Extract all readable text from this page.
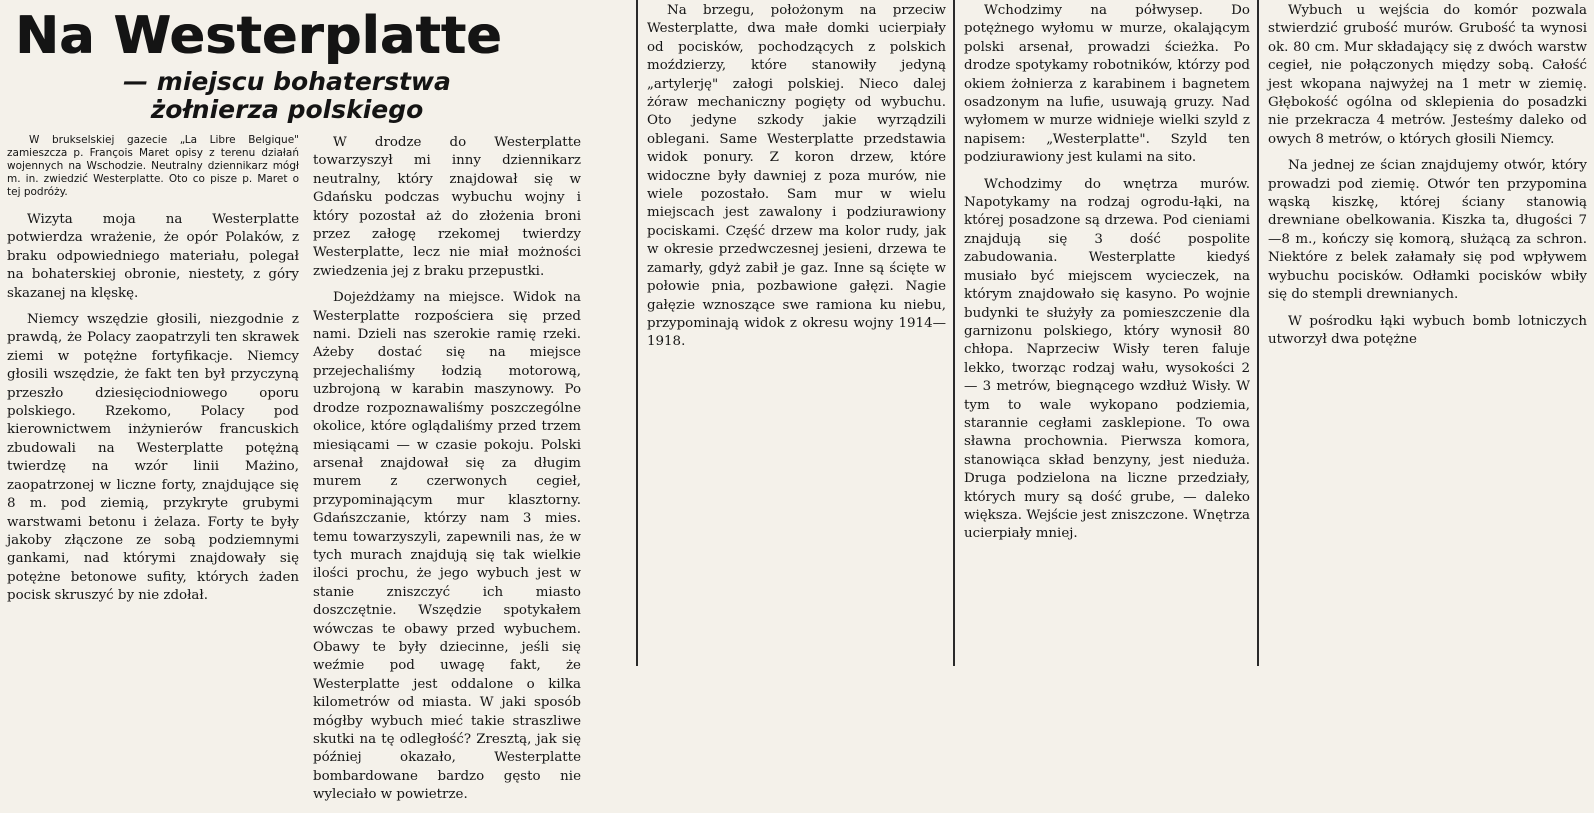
Na Westerplatte
— miejscu bohaterstwa
żołnierza polskiego
W brukselskiej gazecie „La Libre Belgique" zamieszcza p. François Maret opisy z terenu działań wojennych na Wschodzie. Neutralny dziennikarz mógł m. in. zwiedzić Westerplatte. Oto co pisze p. Maret o tej podróży.

Wizyta moja na Westerplatte potwierdza wrażenie, że opór Polaków, z braku odpowiedniego materiału, polegał na bohaterskiej obronie, niestety, z góry skazanej na klęskę.

Niemcy wszędzie głosili, niezgodnie z prawdą, że Polacy zaopatrzyli ten skrawek ziemi w potężne fortyfikacje. Niemcy głosili wszędzie, że fakt ten był przyczyną przeszło dziesięciodniowego oporu polskiego. Rzekomo, Polacy pod kierownictwem inżynierów francuskich zbudowali na Westerplatte potężną twierdzę na wzór linii Mażino, zaopatrzonej w liczne forty, znajdujące się 8 m. pod ziemią, przykryte grubymi warstwami betonu i żelaza. Forty te były jakoby złączone ze sobą podziemnymi gankami, nad którymi znajdowały się potężne betonowe sufity, których żaden pocisk skruszyć by nie zdołał.

W drodze do Westerplatte towarzyszył mi inny dziennikarz neutralny, który znajdował się w Gdańsku podczas wybuchu wojny i który pozostał aż do złożenia broni przez załogę rzekomej twierdzy Westerplatte, lecz nie miał możności zwiedzenia jej z braku przepustki.

Dojeżdżamy na miejsce. Widok na Westerplatte rozpościera się przed nami. Dzieli nas szerokie ramię rzeki. Ażeby dostać się na miejsce przejechaliśmy łodzią motorową, uzbrojoną w karabin maszynowy. Po drodze rozpoznawaliśmy poszczególne okolice, które oglądaliśmy przed trzem miesiącami — w czasie pokoju. Polski arsenał znajdował się za długim murem z czerwonych cegieł, przypominającym mur klasztorny. Gdańszczanie, którzy nam 3 mies. temu towarzyszyli, zapewnili nas, że w tych murach znajdują się tak wielkie ilości prochu, że jego wybuch jest w stanie zniszczyć ich miasto doszczętnie. Wszędzie spotykałem wówczas te obawy przed wybuchem. Obawy te były dziecinne, jeśli się weźmie pod uwagę fakt, że Westerplatte jest oddalone o kilka kilometrów od miasta. W jaki sposób mógłby wybuch mieć takie straszliwe skutki na tę odległość? Zresztą, jak się później okazało, Westerplatte bombardowane bardzo gęsto nie wyleciało w powietrze.

Na brzegu, położonym na przeciw Westerplatte, dwa małe domki ucierpiały od pocisków, pochodzących z polskich moździerzy, które stanowiły jedyną „artylerję" załogi polskiej. Nieco dalej żóraw mechaniczny pogięty od wybuchu. Oto jedyne szkody jakie wyrządzili oblegani. Same Westerplatte przedstawia widok ponury. Z koron drzew, które widoczne były dawniej z poza murów, nie wiele pozostało. Sam mur w wielu miejscach jest zawalony i podziurawiony pociskami. Część drzew ma kolor rudy, jak w okresie przedwczesnej jesieni, drzewa te zamarły, gdyż zabił je gaz. Inne są ścięte w połowie pnia, pozbawione gałęzi. Nagie gałęzie wznoszące swe ramiona ku niebu, przypominają widok z okresu wojny 1914—1918.

Wchodzimy na półwysep. Do potężnego wyłomu w murze, okalającym polski arsenał, prowadzi ścieżka. Po drodze spotykamy robotników, którzy pod okiem żołnierza z karabinem i bagnetem osadzonym na lufie, usuwają gruzy. Nad wyłomem w murze widnieje wielki szyld z napisem: „Westerplatte". Szyld ten podziurawiony jest kulami na sito.

Wchodzimy do wnętrza murów. Napotykamy na rodzaj ogrodu-łąki, na której posadzone są drzewa. Pod cieniami znajdują się 3 dość pospolite zabudowania. Westerplatte kiedyś musiało być miejscem wycieczek, na którym znajdowało się kasyno. Po wojnie budynki te służyły za pomieszczenie dla garnizonu polskiego, który wynosił 80 chłopa. Naprzeciw Wisły teren faluje lekko, tworząc rodzaj wału, wysokości 2 — 3 metrów, biegnącego wzdłuż Wisły. W tym to wale wykopano podziemia, starannie cegłami zasklepione. To owa sławna prochownia. Pierwsza komora, stanowiąca skład benzyny, jest nieduża. Druga podzielona na liczne przedziały, których mury są dość grube, — daleko większa. Wejście jest zniszczone. Wnętrza ucierpiały mniej.

Wybuch u wejścia do komór pozwala stwierdzić grubość murów. Grubość ta wynosi ok. 80 cm. Mur składający się z dwóch warstw cegieł, nie połączonych między sobą. Całość jest wkopana najwyżej na 1 metr w ziemię. Głębokość ogólna od sklepienia do posadzki nie przekracza 4 metrów. Jesteśmy daleko od owych 8 metrów, o których głosili Niemcy.

Na jednej ze ścian znajdujemy otwór, który prowadzi pod ziemię. Otwór ten przypomina wąską kiszkę, której ściany stanowią drewniane obelkowania. Kiszka ta, długości 7—8 m., kończy się komorą, służącą za schron. Niektóre z belek załamały się pod wpływem wybuchu pocisków. Odłamki pocisków wbiły się do stempli drewnianych.

W pośrodku łąki wybuch bomb lotniczych utworzył dwa potężne
